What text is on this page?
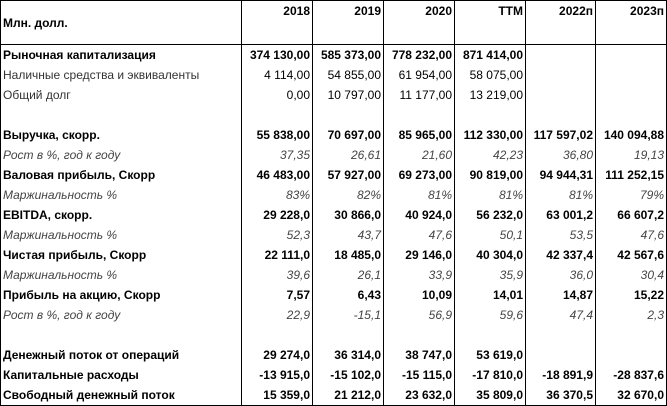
Млн. долл.	2018	2019	2020	TTM	2022п	2023п
Рыночная капитализация	374 130,00	585 373,00	778 232,00	871 414,00		
Наличные средства и эквиваленты	4 114,00	54 855,00	61 954,00	58 075,00		
Общий долг	0,00	10 797,00	11 177,00	13 219,00		

Выручка, скорр.	55 838,00	70 697,00	85 965,00	112 330,00	117 597,02	140 094,88
Рост в %, год к году	37,35	26,61	21,60	42,23	36,80	19,13
Валовая прибыль, Скорр	46 483,00	57 927,00	69 273,00	90 819,00	94 944,31	111 252,15
Маржинальность %	83%	82%	81%	81%	81%	79%
EBITDA, скорр.	29 228,0	30 866,0	40 924,0	56 232,0	63 001,2	66 607,2
Маржинальность %	52,3	43,7	47,6	50,1	53,5	47,6
Чистая прибыль, Скорр	22 111,0	18 485,0	29 146,0	40 304,0	42 337,4	42 567,6
Маржинальность %	39,6	26,1	33,9	35,9	36,0	30,4
Прибыль на акцию, Скорр	7,57	6,43	10,09	14,01	14,87	15,22
Рост в %, год к году	22,9	-15,1	56,9	59,6	47,4	2,3

Денежный поток от операций	29 274,0	36 314,0	38 747,0	53 619,0		
Капитальные расходы	-13 915,0	-15 102,0	-15 115,0	-17 810,0	-18 891,9	-28 837,6
Свободный денежный поток	15 359,0	21 212,0	23 632,0	35 809,0	36 370,5	32 670,0
